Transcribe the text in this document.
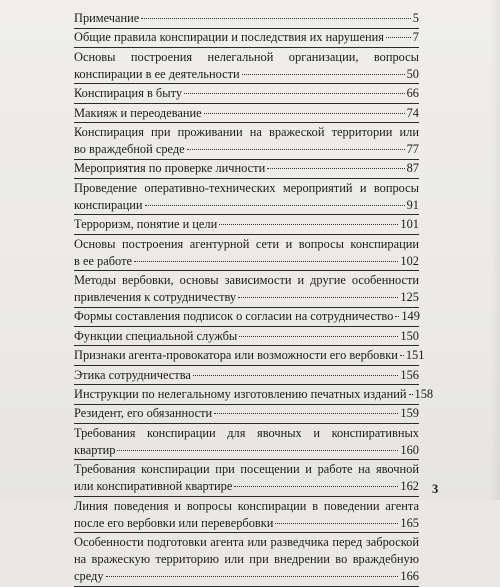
Примечание	5
Общие правила конспирации и последствия их нарушения 7
Основы построения нелегальной организации, вопросы
конспирации в ее деятельности	50
Конспирация в быту	66
Макияж и переодевание	74
Конспирация при проживании на вражеской территории или
во враждебной среде	77
Мероприятия по проверке личности	87
Проведение оперативно-технических мероприятий и вопросы
конспирации	91
Терроризм, понятие и цели	101
Основы построения агентурной сети и вопросы конспирации
в ее работе	102
Методы вербовки, основы зависимости и другие особенности
привлечения к сотрудничеству	125
Формы составления подписок о согласии на сотрудничество 149
Функции специальной службы	150
Признаки агента-провокатора или возможности его вербовки 151
Этика сотрудничества	156
Инструкции по нелегальному изготовлению печатных изданий 158
Резидент, его обязанности	159
Требования конспирации для явочных и конспиративных
квартир	160
Требования конспирации при посещении и работе на явочной
или конспиративной квартире	162
Линия поведения и вопросы конспирации в поведении агента
после его вербовки или перевербовки	165
Особенности подготовки агента или разведчика перед заброской
на вражескую территорию или при внедрении во враждебную
среду	166
3
